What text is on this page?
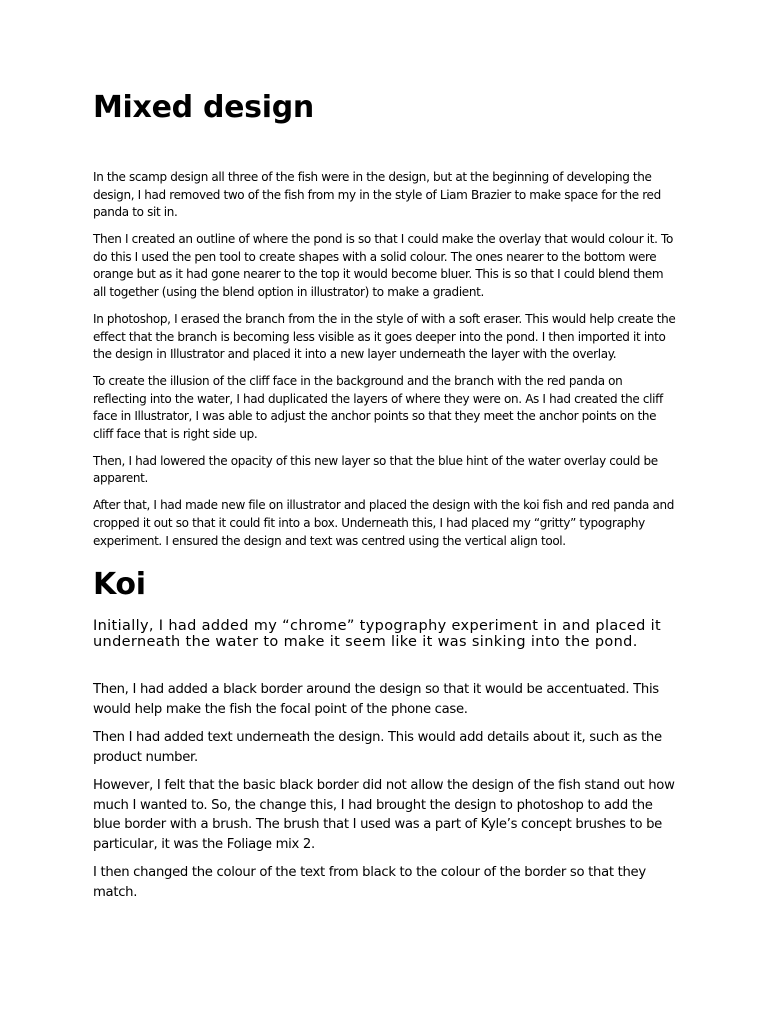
Mixed design

In the scamp design all three of the fish were in the design, but at the beginning of developing the design, I had removed two of the fish from my in the style of Liam Brazier to make space for the red panda to sit in.

Then I created an outline of where the pond is so that I could make the overlay that would colour it. To do this I used the pen tool to create shapes with a solid colour. The ones nearer to the bottom were orange but as it had gone nearer to the top it would become bluer. This is so that I could blend them all together (using the blend option in illustrator) to make a gradient.

In photoshop, I erased the branch from the in the style of with a soft eraser. This would help create the effect that the branch is becoming less visible as it goes deeper into the pond. I then imported it into the design in Illustrator and placed it into a new layer underneath the layer with the overlay.

To create the illusion of the cliff face in the background and the branch with the red panda on reflecting into the water, I had duplicated the layers of where they were on. As I had created the cliff face in Illustrator, I was able to adjust the anchor points so that they meet the anchor points on the cliff face that is right side up.

Then, I had lowered the opacity of this new layer so that the blue hint of the water overlay could be apparent.

After that, I had made new file on illustrator and placed the design with the koi fish and red panda and cropped it out so that it could fit into a box. Underneath this, I had placed my “gritty” typography experiment. I ensured the design and text was centred using the vertical align tool.

Koi

Initially, I had added my “chrome” typography experiment in and placed it underneath the water to make it seem like it was sinking into the pond.

Then, I had added a black border around the design so that it would be accentuated. This would help make the fish the focal point of the phone case.

Then I had added text underneath the design. This would add details about it, such as the product number.

However, I felt that the basic black border did not allow the design of the fish stand out how much I wanted to. So, the change this, I had brought the design to photoshop to add the blue border with a brush. The brush that I used was a part of Kyle’s concept brushes to be particular, it was the Foliage mix 2.

I then changed the colour of the text from black to the colour of the border so that they match.
